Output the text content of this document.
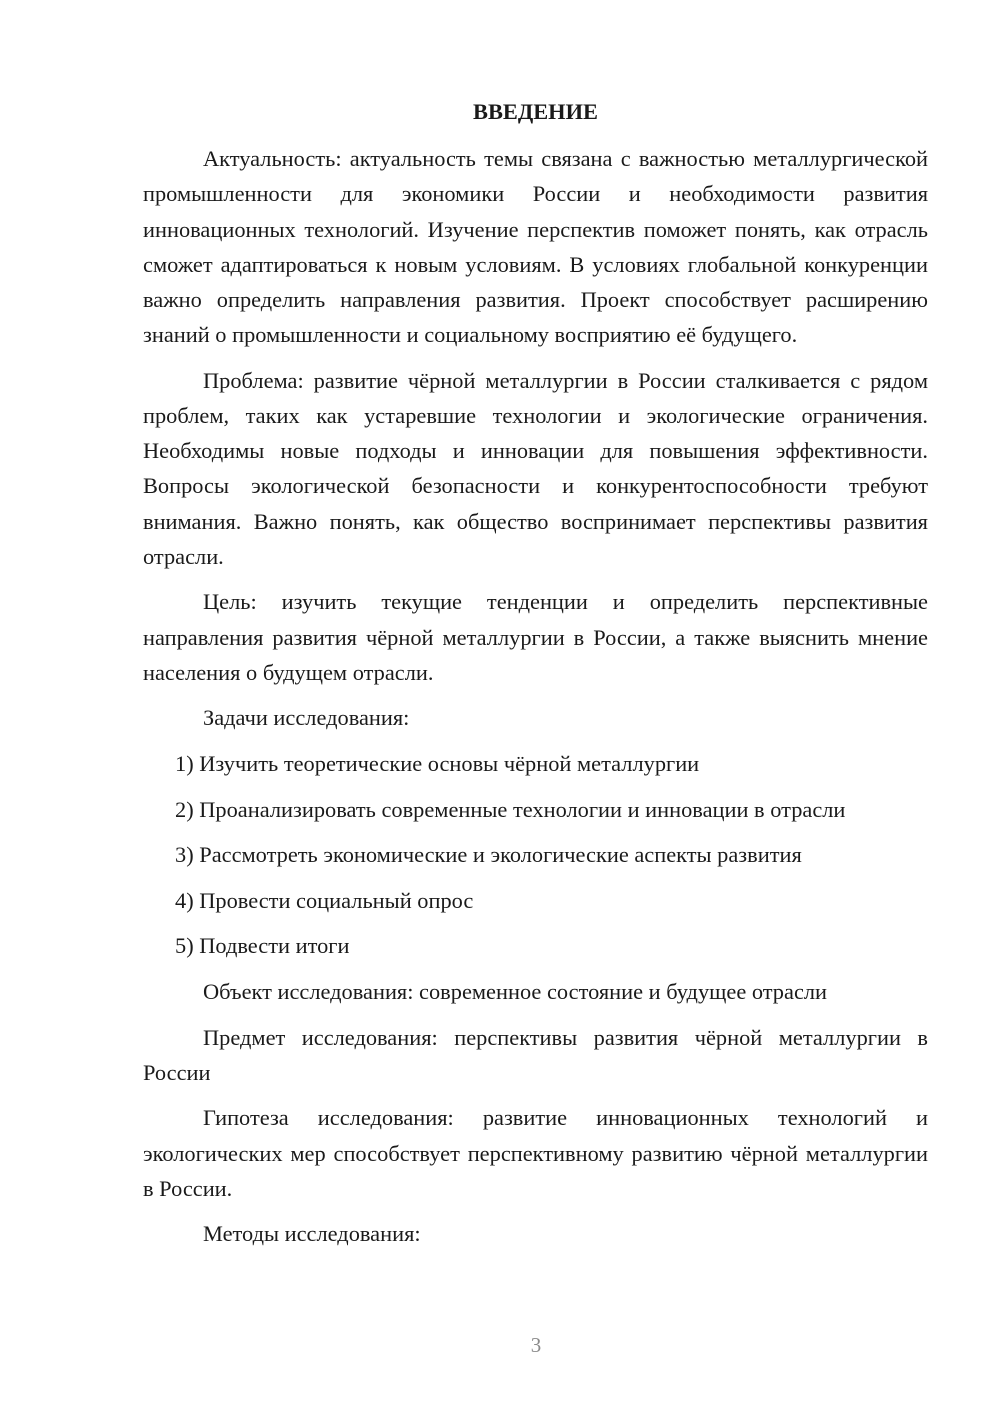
ВВЕДЕНИЕ

Актуальность: актуальность темы связана с важностью металлургической промышленности для экономики России и необходимости развития инновационных технологий. Изучение перспектив поможет понять, как отрасль сможет адаптироваться к новым условиям. В условиях глобальной конкуренции важно определить направления развития. Проект способствует расширению знаний о промышленности и социальному восприятию её будущего.

Проблема: развитие чёрной металлургии в России сталкивается с рядом проблем, таких как устаревшие технологии и экологические ограничения. Необходимы новые подходы и инновации для повышения эффективности. Вопросы экологической безопасности и конкурентоспособности требуют внимания. Важно понять, как общество воспринимает перспективы развития отрасли.

Цель: изучить текущие тенденции и определить перспективные направления развития чёрной металлургии в России, а также выяснить мнение населения о будущем отрасли.

Задачи исследования:

1) Изучить теоретические основы чёрной металлургии
2) Проанализировать современные технологии и инновации в отрасли
3) Рассмотреть экономические и экологические аспекты развития
4) Провести социальный опрос
5) Подвести итоги

Объект исследования: современное состояние и будущее отрасли

Предмет исследования: перспективы развития чёрной металлургии в России

Гипотеза исследования: развитие инновационных технологий и экологических мер способствует перспективному развитию чёрной металлургии в России.

Методы исследования:

3
